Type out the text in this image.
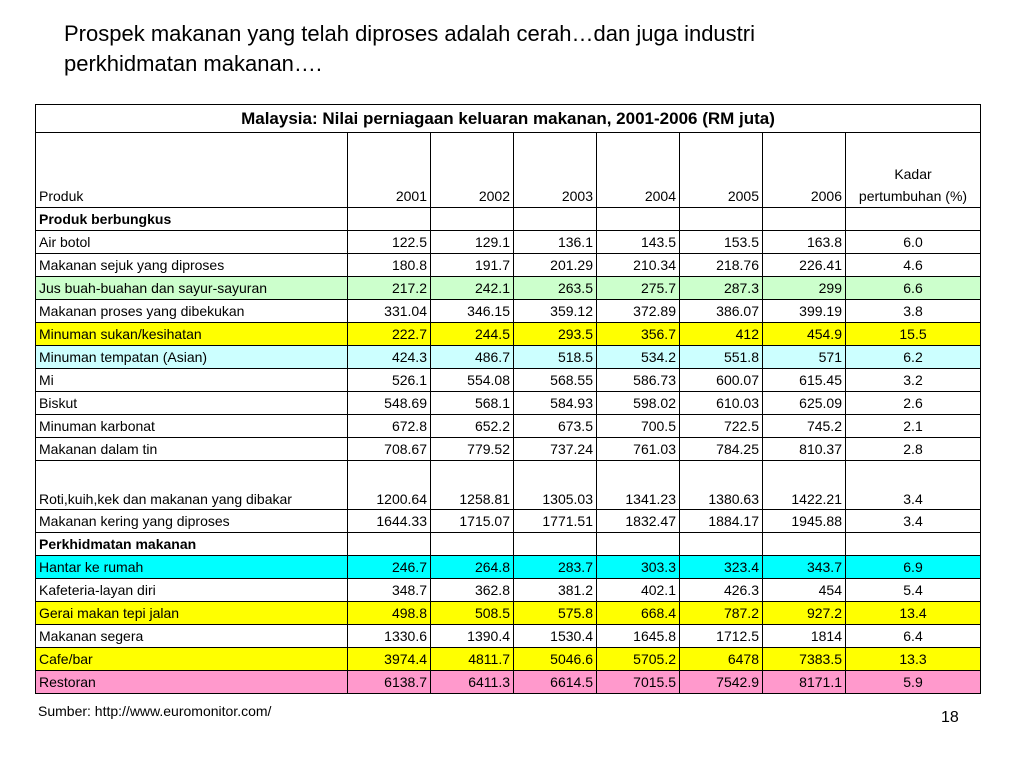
Prospek makanan yang telah diproses adalah cerah…dan juga industri
perkhidmatan makanan….
Malaysia: Nilai perniagaan keluaran makanan, 2001-2006 (RM juta)							
Produk	2001	2002	2003	2004	2005	2006	Kadar
pertumbuhan (%)

Produk berbungkus							
Air botol	122.5	129.1	136.1	143.5	153.5	163.8	6.0
Makanan sejuk yang diproses	180.8	191.7	201.29	210.34	218.76	226.41	4.6
Jus buah-buahan dan sayur-sayuran	217.2	242.1	263.5	275.7	287.3	299	6.6
Makanan proses yang dibekukan	331.04	346.15	359.12	372.89	386.07	399.19	3.8
Minuman sukan/kesihatan	222.7	244.5	293.5	356.7	412	454.9	15.5
Minuman tempatan (Asian)	424.3	486.7	518.5	534.2	551.8	571	6.2
Mi	526.1	554.08	568.55	586.73	600.07	615.45	3.2
Biskut	548.69	568.1	584.93	598.02	610.03	625.09	2.6
Minuman karbonat	672.8	652.2	673.5	700.5	722.5	745.2	2.1
Makanan dalam tin	708.67	779.52	737.24	761.03	784.25	810.37	2.8
Roti,kuih,kek dan makanan yang dibakar	1200.64	1258.81	1305.03	1341.23	1380.63	1422.21	3.4
Makanan kering yang diproses	1644.33	1715.07	1771.51	1832.47	1884.17	1945.88	3.4
Perkhidmatan makanan							
Hantar ke rumah	246.7	264.8	283.7	303.3	323.4	343.7	6.9
Kafeteria-layan diri	348.7	362.8	381.2	402.1	426.3	454	5.4
Gerai makan tepi jalan	498.8	508.5	575.8	668.4	787.2	927.2	13.4
Makanan segera	1330.6	1390.4	1530.4	1645.8	1712.5	1814	6.4
Cafe/bar	3974.4	4811.7	5046.6	5705.2	6478	7383.5	13.3
Restoran	6138.7	6411.3	6614.5	7015.5	7542.9	8171.1	5.9
Sumber: http://www.euromonitor.com/	18
